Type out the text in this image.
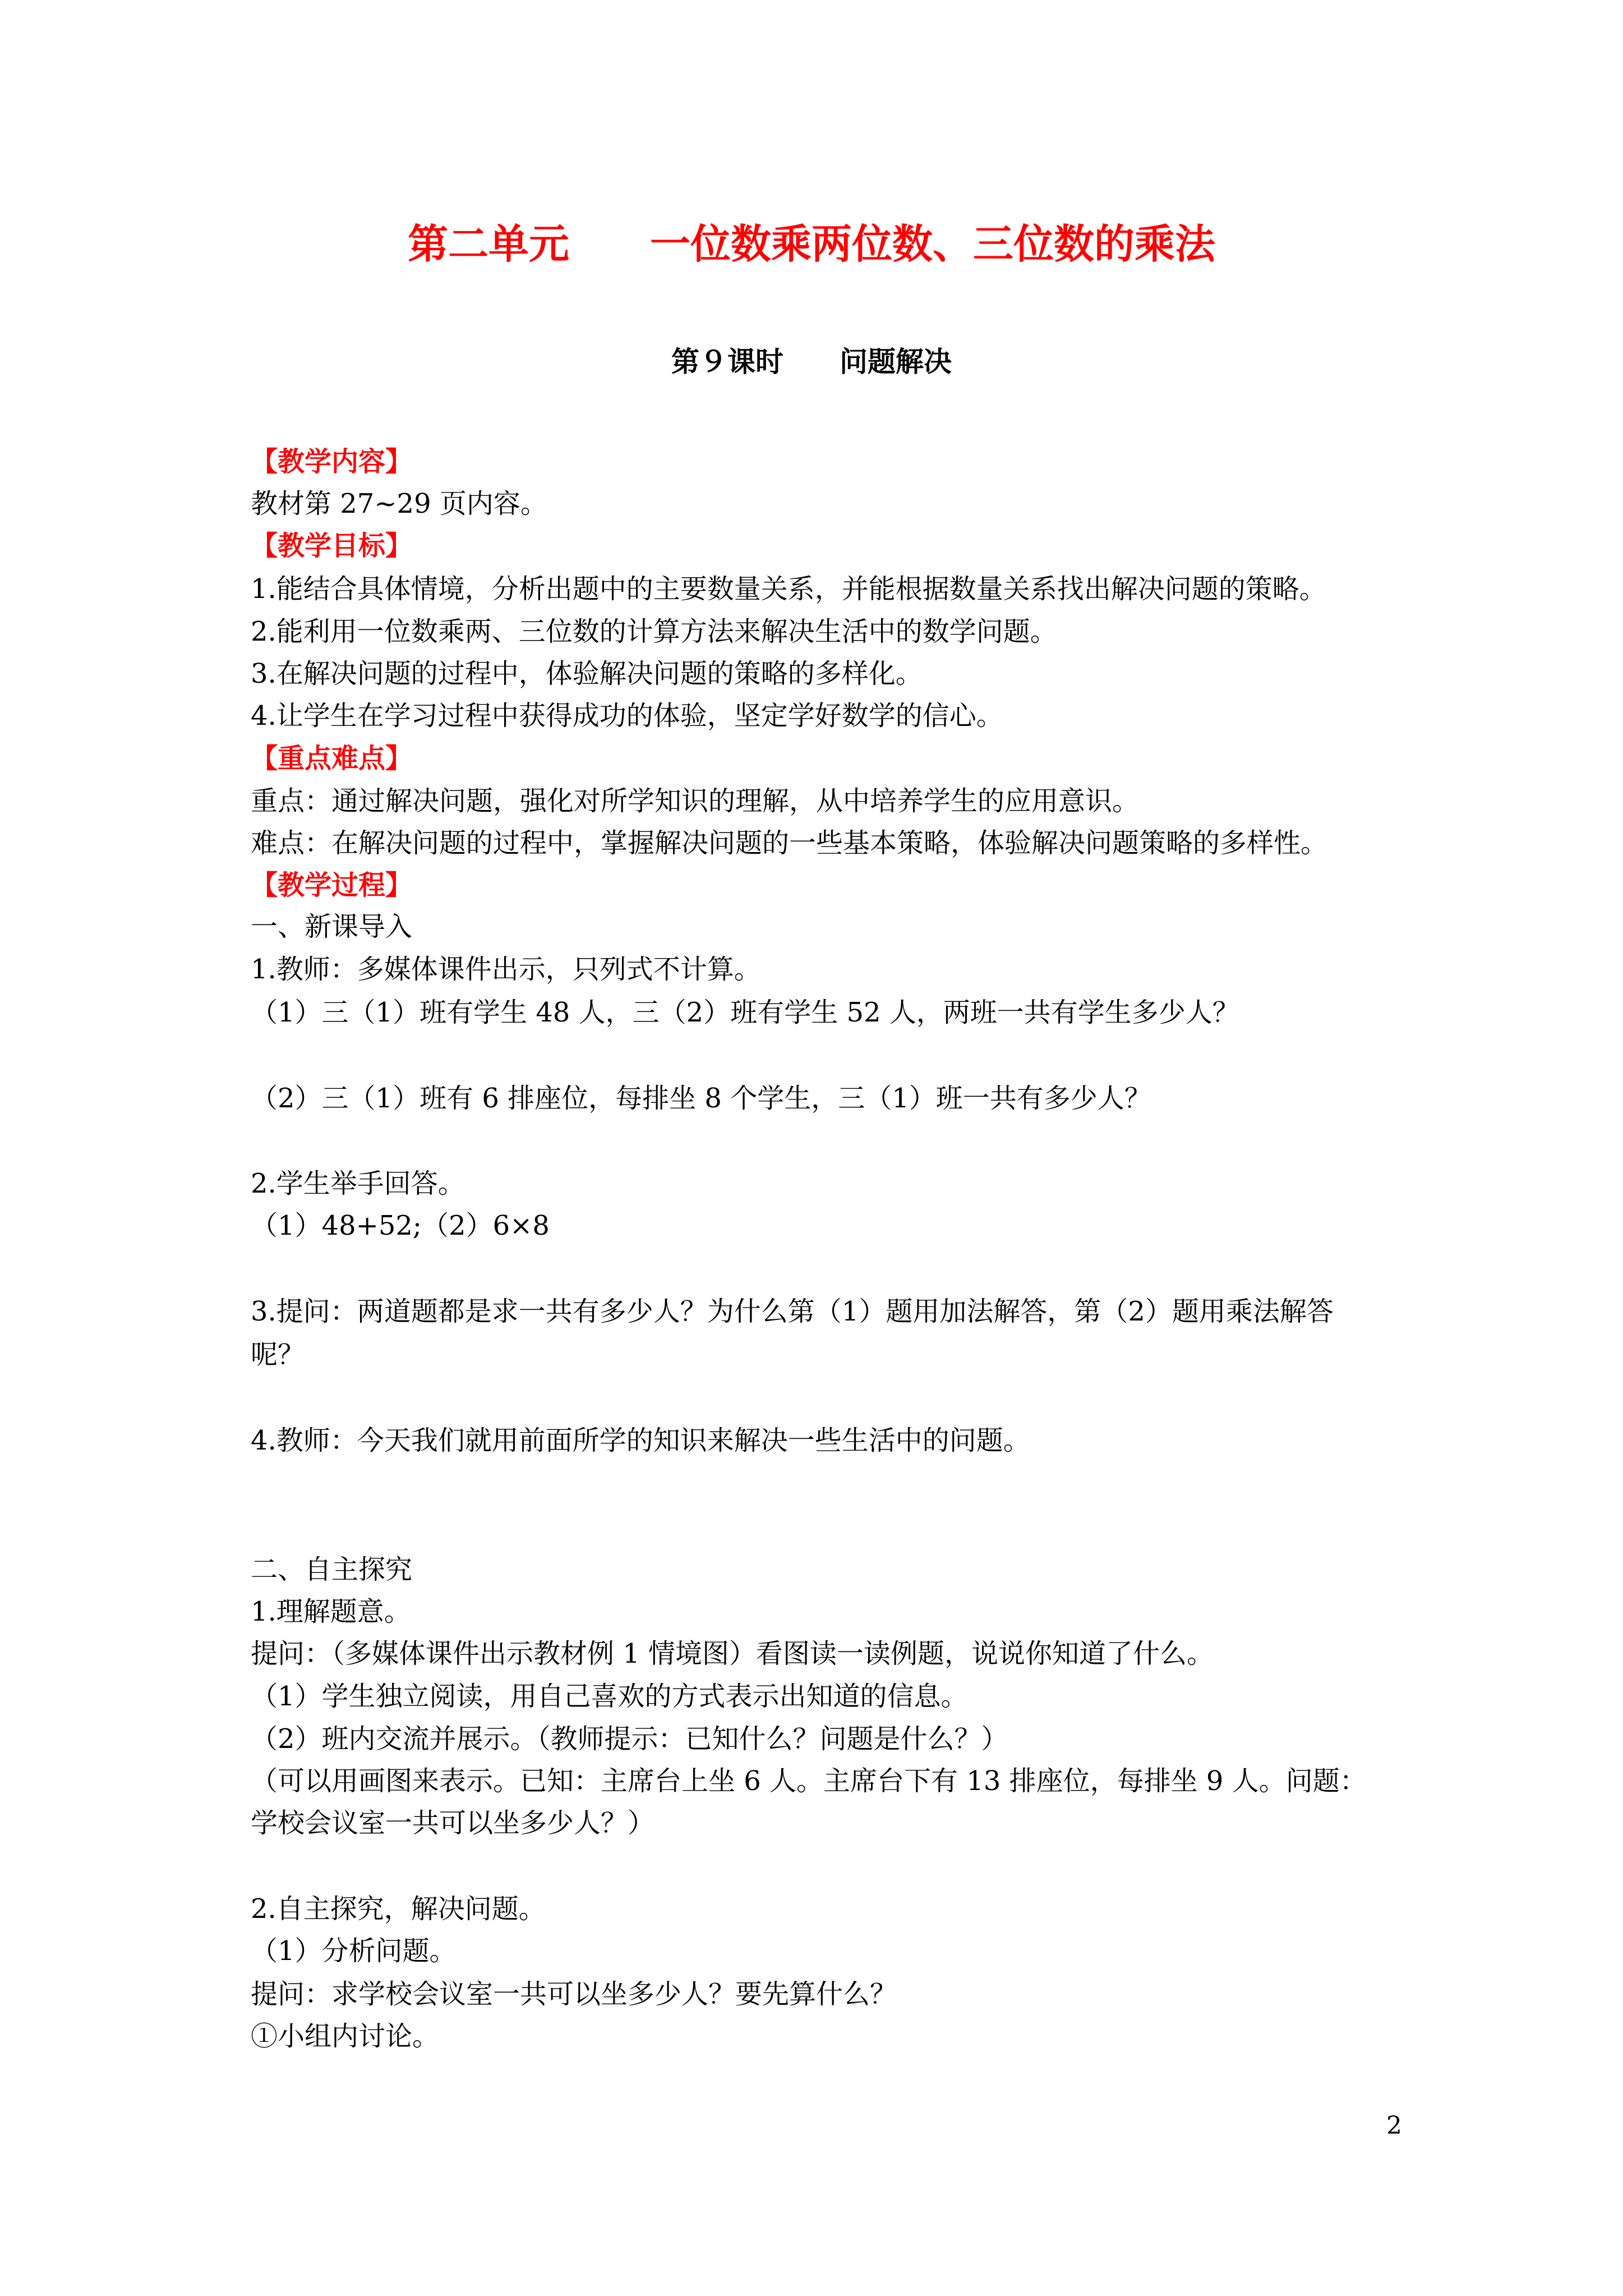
第二单元　　一位数乘两位数、三位数的乘法
第９课时　　问题解决
【教学内容】
教材第 27~29 页内容。
【教学目标】
1.能结合具体情境，分析出题中的主要数量关系，并能根据数量关系找出解决问题的策略。
2.能利用一位数乘两、三位数的计算方法来解决生活中的数学问题。
3.在解决问题的过程中，体验解决问题的策略的多样化。
4.让学生在学习过程中获得成功的体验，坚定学好数学的信心。
【重点难点】
重点：通过解决问题，强化对所学知识的理解，从中培养学生的应用意识。
难点：在解决问题的过程中，掌握解决问题的一些基本策略，体验解决问题策略的多样性。
【教学过程】
一、新课导入
1.教师：多媒体课件出示，只列式不计算。
（1）三（1）班有学生 48 人，三（2）班有学生 52 人，两班一共有学生多少人？
（2）三（1）班有 6 排座位，每排坐 8 个学生，三（1）班一共有多少人？
2.学生举手回答。
（1）48+52;（2）6×8
3.提问：两道题都是求一共有多少人？为什么第（1）题用加法解答，第（2）题用乘法解答
呢？
4.教师：今天我们就用前面所学的知识来解决一些生活中的问题。
二、自主探究
1.理解题意。
提问：（多媒体课件出示教材例 1 情境图）看图读一读例题，说说你知道了什么。
（1）学生独立阅读，用自己喜欢的方式表示出知道的信息。
（2）班内交流并展示。（教师提示：已知什么？问题是什么？）
（可以用画图来表示。已知：主席台上坐 6 人。主席台下有 13 排座位，每排坐 9 人。问题：
学校会议室一共可以坐多少人？）
2.自主探究，解决问题。
（1）分析问题。
提问：求学校会议室一共可以坐多少人？要先算什么？
①小组内讨论。
2
